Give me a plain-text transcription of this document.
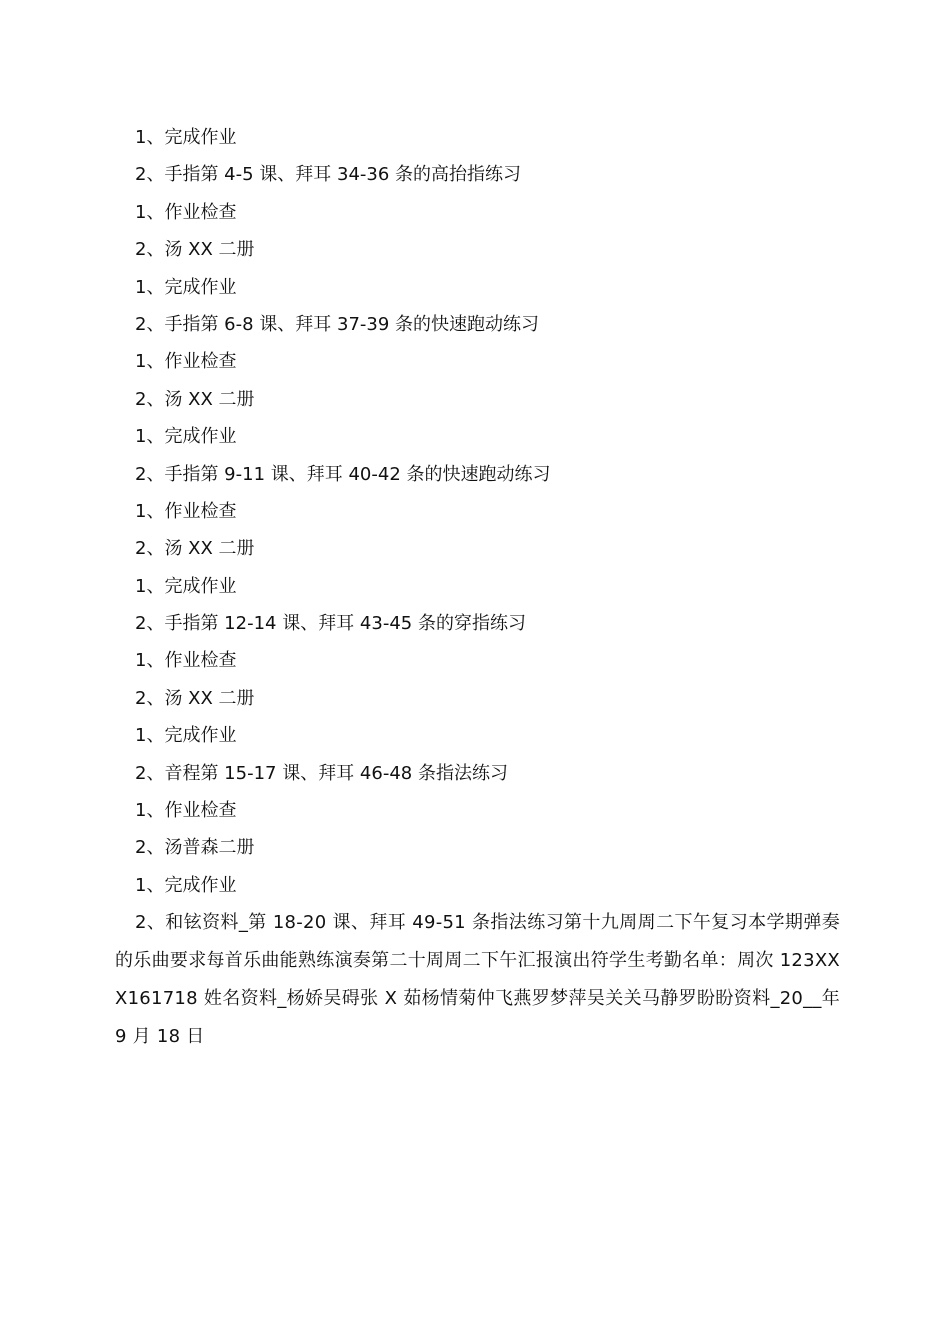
1、完成作业
2、手指第 4-5 课、拜耳 34-36 条的高抬指练习
1、作业检查
2、汤 XX 二册
1、完成作业
2、手指第 6-8 课、拜耳 37-39 条的快速跑动练习
1、作业检查
2、汤 XX 二册
1、完成作业
2、手指第 9-11 课、拜耳 40-42 条的快速跑动练习
1、作业检查
2、汤 XX 二册
1、完成作业
2、手指第 12-14 课、拜耳 43-45 条的穿指练习
1、作业检查
2、汤 XX 二册
1、完成作业
2、音程第 15-17 课、拜耳 46-48 条指法练习
1、作业检查
2、汤普森二册
1、完成作业

2、和铉资料_第 18-20 课、拜耳 49-51 条指法练习第十九周周二下午复习本学期弹奏的乐曲要求每首乐曲能熟练演奏第二十周周二下午汇报演出符学生考勤名单：周次 123XXX161718 姓名资料_杨娇吴碍张 X 茹杨情菊仲飞燕罗梦萍吴关关马静罗盼盼资料_20__年 9 月 18 日
